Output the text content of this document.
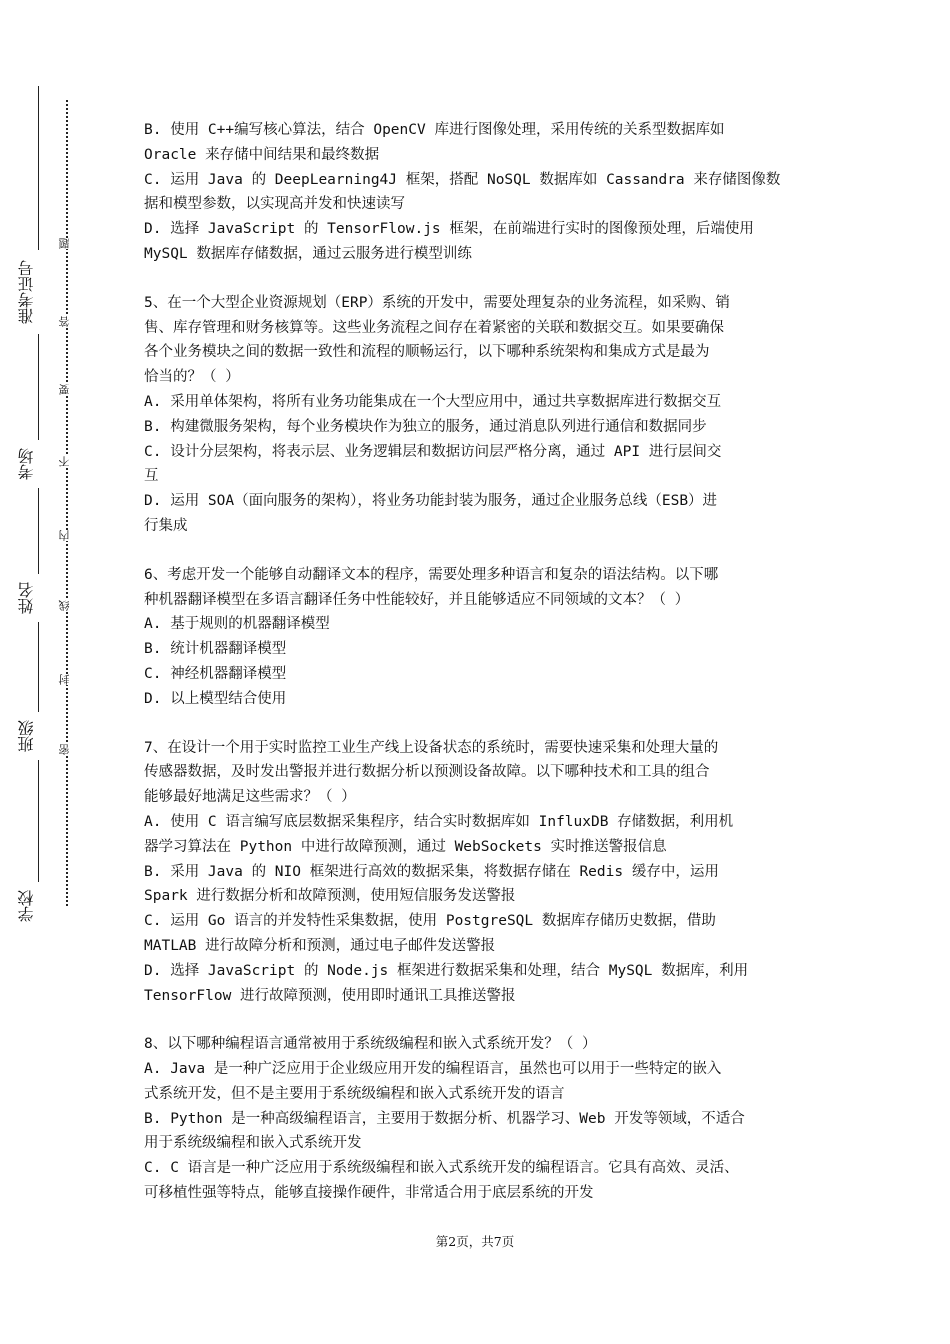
准考证号
考场
姓名
班级
学校
题
答
要
不
内
线
封
密
B. 使用 C++编写核心算法，结合 OpenCV 库进行图像处理，采用传统的关系型数据库如
Oracle 来存储中间结果和最终数据
C. 运用 Java 的 DeepLearning4J 框架，搭配 NoSQL 数据库如 Cassandra 来存储图像数
据和模型参数，以实现高并发和快速读写
D. 选择 JavaScript 的 TensorFlow.js 框架，在前端进行实时的图像预处理，后端使用
MySQL 数据库存储数据，通过云服务进行模型训练
5、在一个大型企业资源规划（ERP）系统的开发中，需要处理复杂的业务流程，如采购、销
售、库存管理和财务核算等。这些业务流程之间存在着紧密的关联和数据交互。如果要确保
各个业务模块之间的数据一致性和流程的顺畅运行，以下哪种系统架构和集成方式是最为
恰当的？（ ）
A. 采用单体架构，将所有业务功能集成在一个大型应用中，通过共享数据库进行数据交互
B. 构建微服务架构，每个业务模块作为独立的服务，通过消息队列进行通信和数据同步
C. 设计分层架构，将表示层、业务逻辑层和数据访问层严格分离，通过 API 进行层间交
互
D. 运用 SOA（面向服务的架构），将业务功能封装为服务，通过企业服务总线（ESB）进
行集成
6、考虑开发一个能够自动翻译文本的程序，需要处理多种语言和复杂的语法结构。以下哪
种机器翻译模型在多语言翻译任务中性能较好，并且能够适应不同领域的文本？（ ）
A. 基于规则的机器翻译模型
B. 统计机器翻译模型
C. 神经机器翻译模型
D. 以上模型结合使用
7、在设计一个用于实时监控工业生产线上设备状态的系统时，需要快速采集和处理大量的
传感器数据，及时发出警报并进行数据分析以预测设备故障。以下哪种技术和工具的组合
能够最好地满足这些需求？（ ）
A. 使用 C 语言编写底层数据采集程序，结合实时数据库如 InfluxDB 存储数据，利用机
器学习算法在 Python 中进行故障预测，通过 WebSockets 实时推送警报信息
B. 采用 Java 的 NIO 框架进行高效的数据采集，将数据存储在 Redis 缓存中，运用
Spark 进行数据分析和故障预测，使用短信服务发送警报
C. 运用 Go 语言的并发特性采集数据，使用 PostgreSQL 数据库存储历史数据，借助
MATLAB 进行故障分析和预测，通过电子邮件发送警报
D. 选择 JavaScript 的 Node.js 框架进行数据采集和处理，结合 MySQL 数据库，利用
TensorFlow 进行故障预测，使用即时通讯工具推送警报
8、以下哪种编程语言通常被用于系统级编程和嵌入式系统开发？（ ）
A. Java 是一种广泛应用于企业级应用开发的编程语言，虽然也可以用于一些特定的嵌入
式系统开发，但不是主要用于系统级编程和嵌入式系统开发的语言
B. Python 是一种高级编程语言，主要用于数据分析、机器学习、Web 开发等领域，不适合
用于系统级编程和嵌入式系统开发
C. C 语言是一种广泛应用于系统级编程和嵌入式系统开发的编程语言。它具有高效、灵活、
可移植性强等特点，能够直接操作硬件，非常适合用于底层系统的开发
第2页，共7页
